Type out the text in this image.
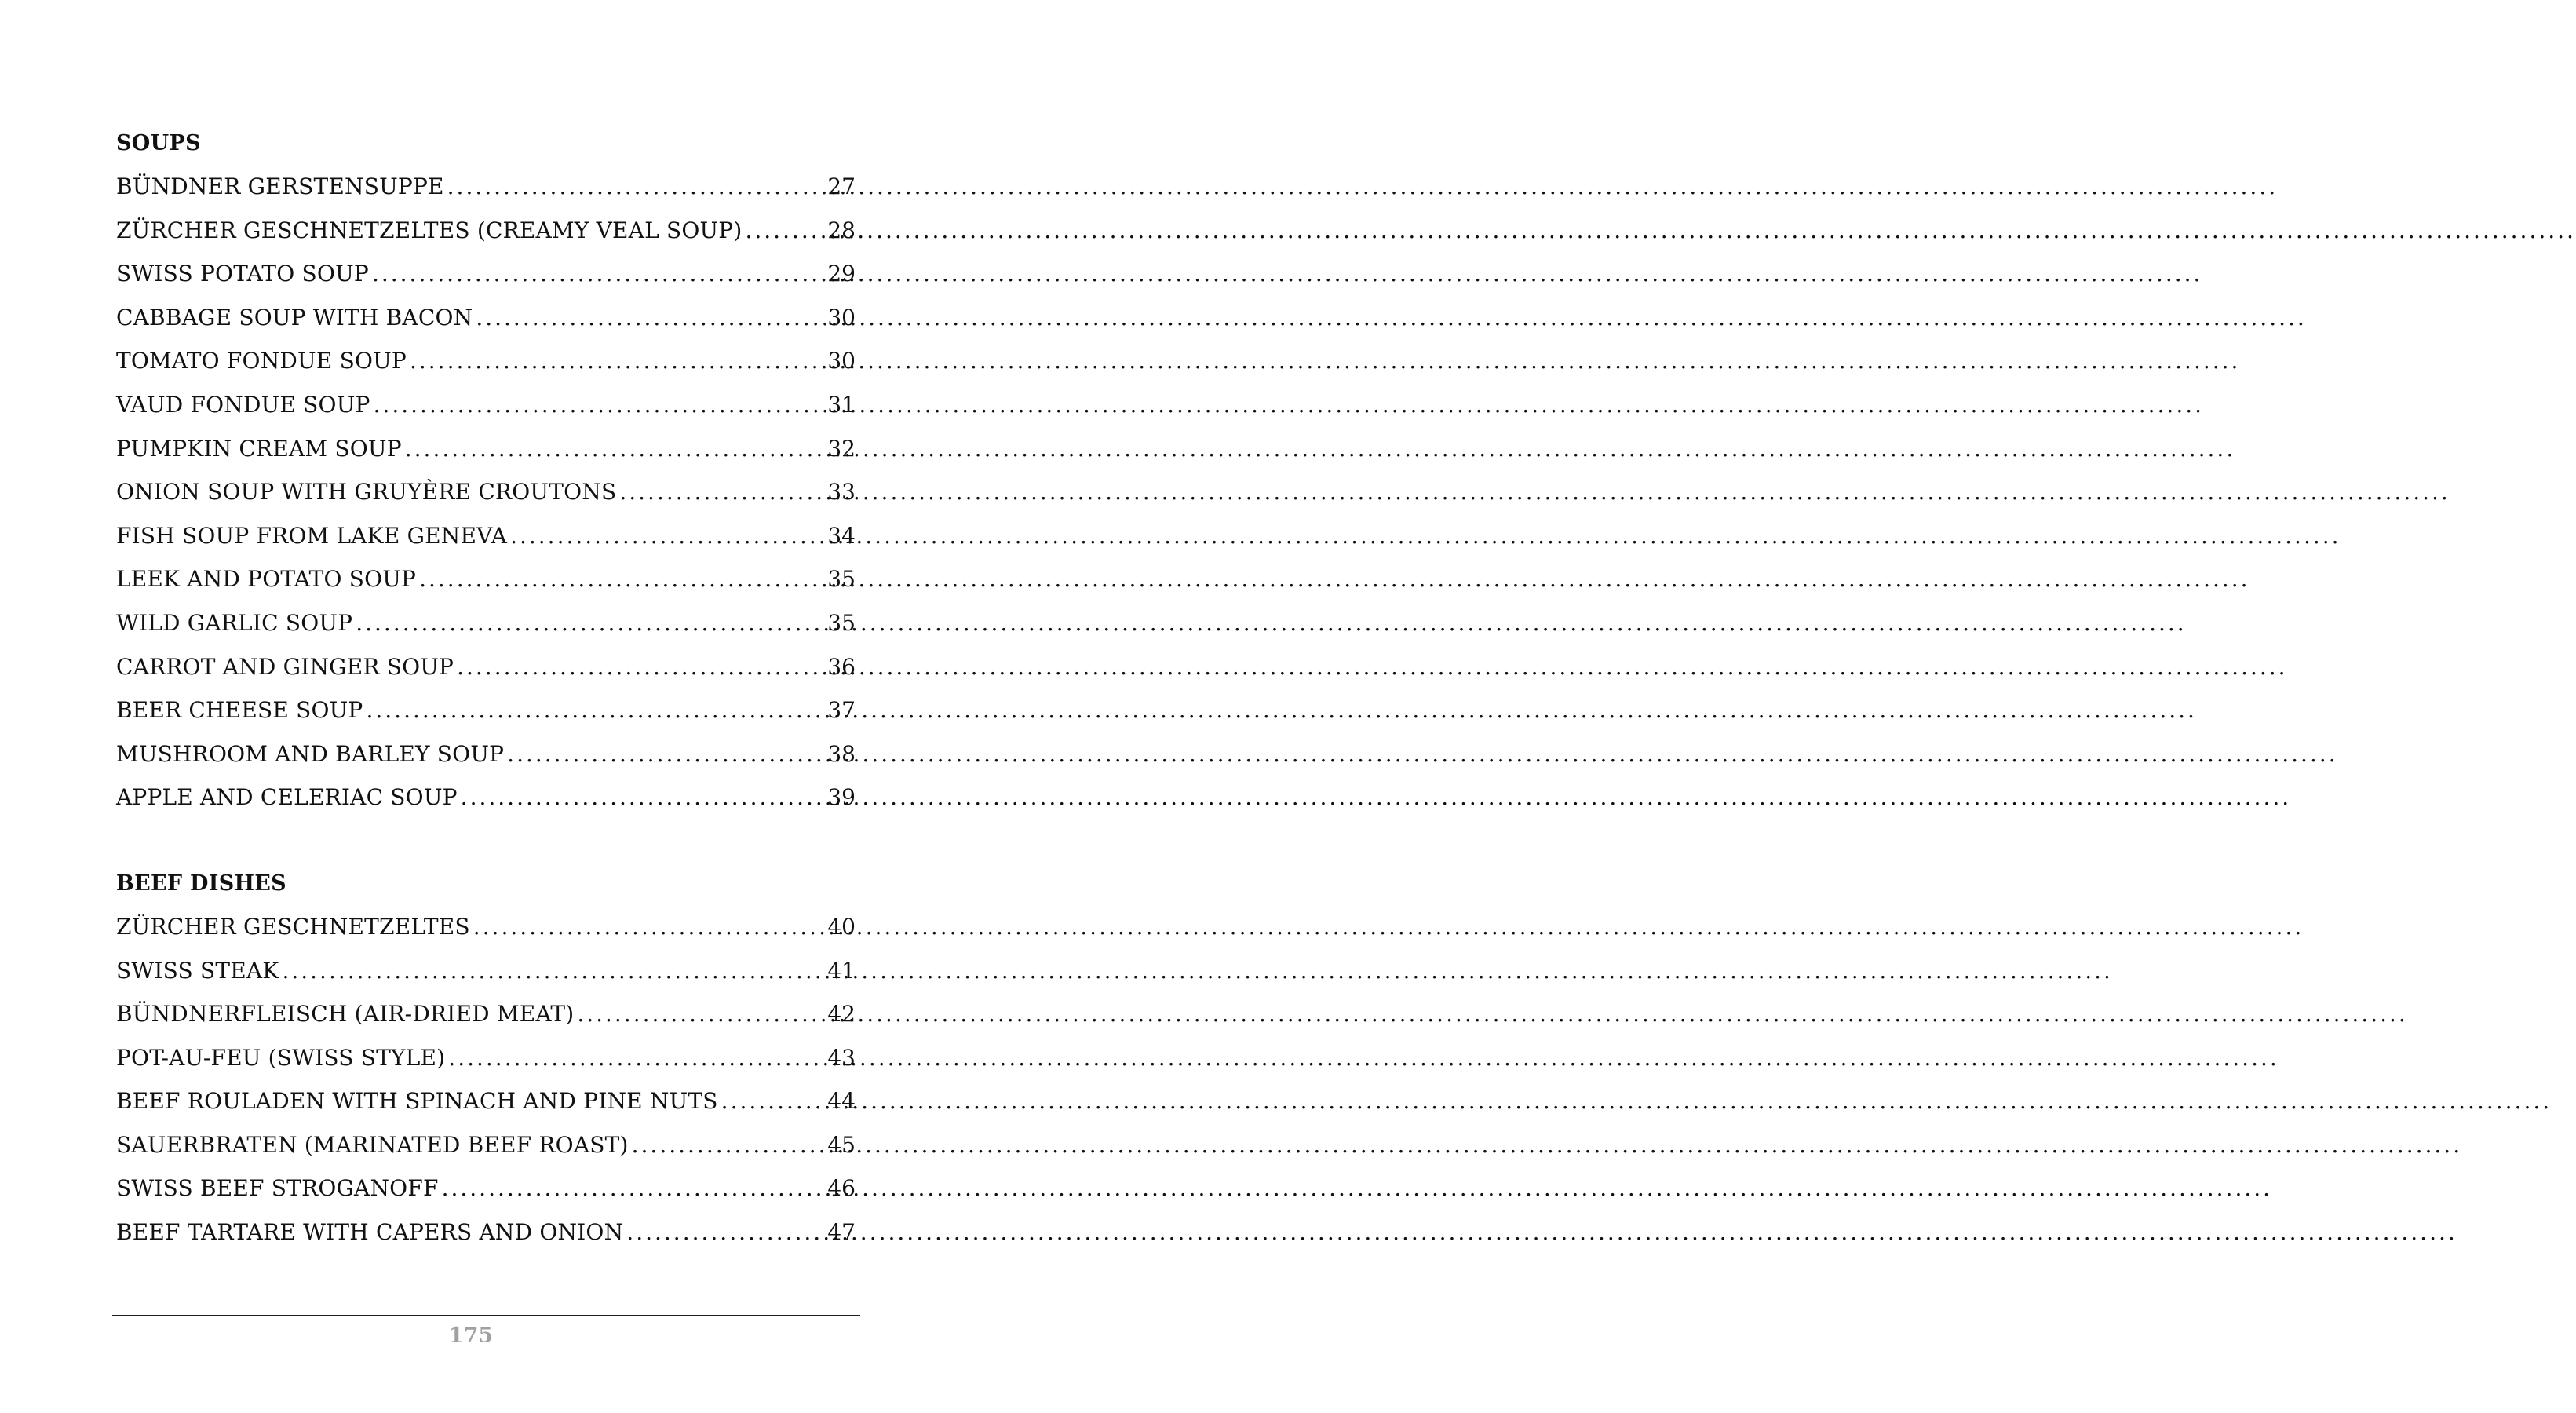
SOUPS
BÜNDNER GERSTENSUPPE .....	27
ZÜRCHER GESCHNETZELTES (CREAMY VEAL SOUP) .....	28
SWISS POTATO SOUP .....	29
CABBAGE SOUP WITH BACON .....	30
TOMATO FONDUE SOUP .....	30
VAUD FONDUE SOUP .....	31
PUMPKIN CREAM SOUP .....	32
ONION SOUP WITH GRUYÈRE CROUTONS .....	33
FISH SOUP FROM LAKE GENEVA .....	34
LEEK AND POTATO SOUP .....	35
WILD GARLIC SOUP .....	35
CARROT AND GINGER SOUP .....	36
BEER CHEESE SOUP .....	37
MUSHROOM AND BARLEY SOUP .....	38
APPLE AND CELERIAC SOUP .....	39
BEEF DISHES
ZÜRCHER GESCHNETZELTES .....	40
SWISS STEAK .....	41
BÜNDNERFLEISCH (AIR-DRIED MEAT) .....	42
POT-AU-FEU (SWISS STYLE) .....	43
BEEF ROULADEN WITH SPINACH AND PINE NUTS .....	44
SAUERBRATEN (MARINATED BEEF ROAST) .....	45
SWISS BEEF STROGANOFF .....	46
BEEF TARTARE WITH CAPERS AND ONION .....	47
175
